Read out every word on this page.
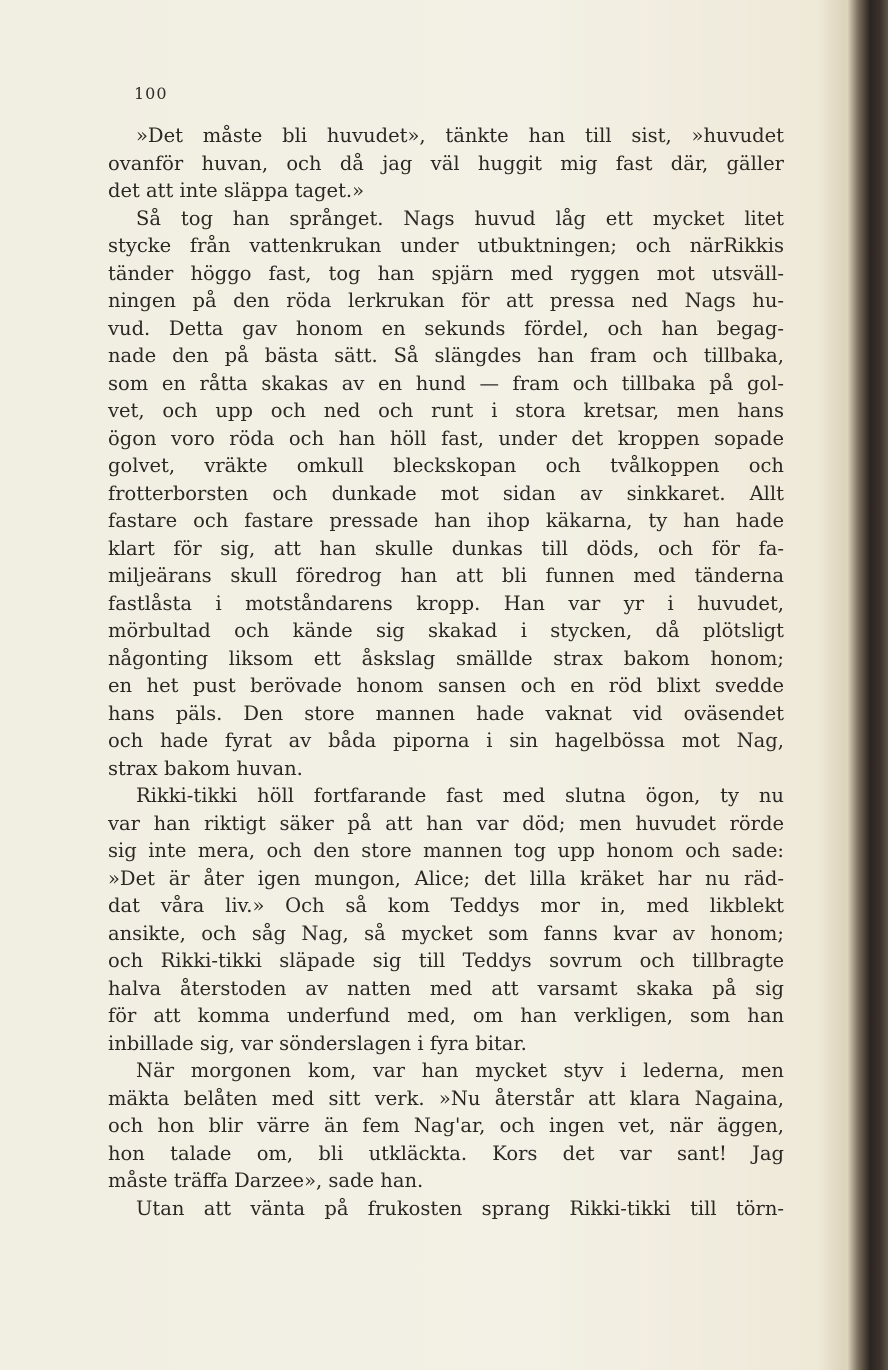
100
»Det måste bli huvudet», tänkte han till sist, »huvudet
ovanför huvan, och då jag väl huggit mig fast där, gäller
det att inte släppa taget.»
Så tog han språnget. Nags huvud låg ett mycket litet
stycke från vattenkrukan under utbuktningen; och närRikkis
tänder höggo fast, tog han spjärn med ryggen mot utsväll-
ningen på den röda lerkrukan för att pressa ned Nags hu-
vud. Detta gav honom en sekunds fördel, och han begag-
nade den på bästa sätt. Så slängdes han fram och tillbaka,
som en råtta skakas av en hund — fram och tillbaka på gol-
vet, och upp och ned och runt i stora kretsar, men hans
ögon voro röda och han höll fast, under det kroppen sopade
golvet, vräkte omkull bleckskopan och tvålkoppen och
frotterborsten och dunkade mot sidan av sinkkaret. Allt
fastare och fastare pressade han ihop käkarna, ty han hade
klart för sig, att han skulle dunkas till döds, och för fa-
miljeärans skull föredrog han att bli funnen med tänderna
fastlåsta i motståndarens kropp. Han var yr i huvudet,
mörbultad och kände sig skakad i stycken, då plötsligt
någonting liksom ett åskslag smällde strax bakom honom;
en het pust berövade honom sansen och en röd blixt svedde
hans päls. Den store mannen hade vaknat vid oväsendet
och hade fyrat av båda piporna i sin hagelbössa mot Nag,
strax bakom huvan.
Rikki-tikki höll fortfarande fast med slutna ögon, ty nu
var han riktigt säker på att han var död; men huvudet rörde
sig inte mera, och den store mannen tog upp honom och sade:
»Det är åter igen mungon, Alice; det lilla kräket har nu räd-
dat våra liv.» Och så kom Teddys mor in, med likblekt
ansikte, och såg Nag, så mycket som fanns kvar av honom;
och Rikki-tikki släpade sig till Teddys sovrum och tillbragte
halva återstoden av natten med att varsamt skaka på sig
för att komma underfund med, om han verkligen, som han
inbillade sig, var sönderslagen i fyra bitar.
När morgonen kom, var han mycket styv i lederna, men
mäkta belåten med sitt verk. »Nu återstår att klara Nagaina,
och hon blir värre än fem Nag'ar, och ingen vet, när äggen,
hon talade om, bli utkläckta. Kors det var sant! Jag
måste träffa Darzee», sade han.
Utan att vänta på frukosten sprang Rikki-tikki till törn-
